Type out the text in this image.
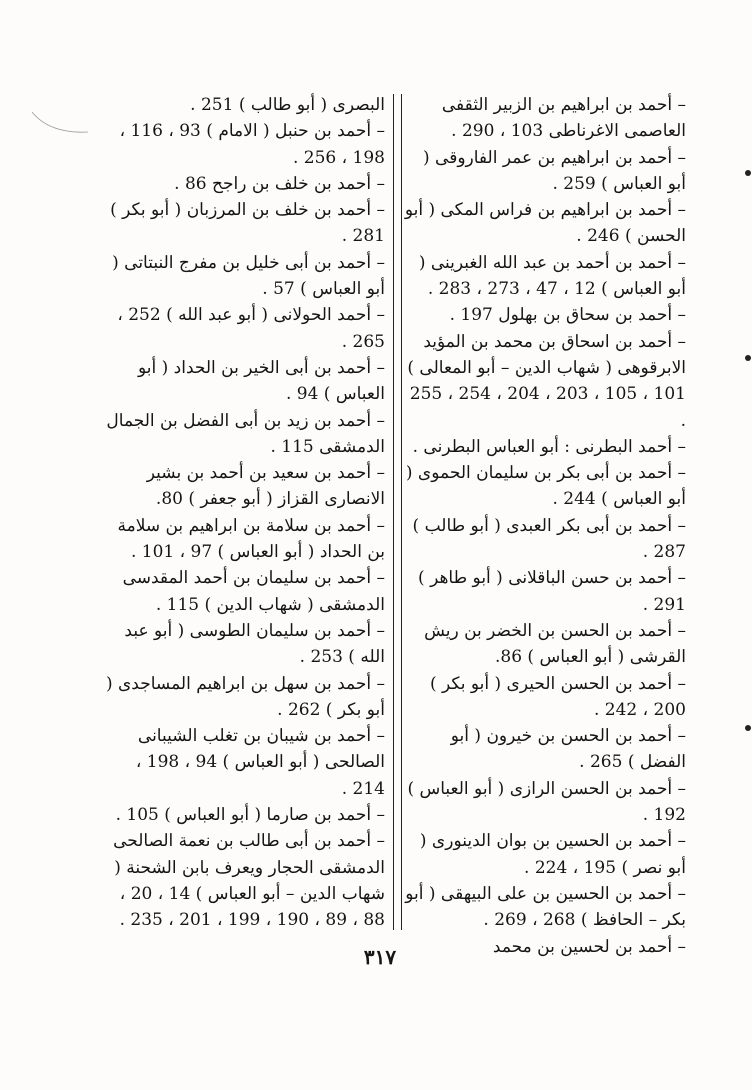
– أحمد بن ابراهيم بن الزبير الثقفى العاصمى الاغرناطى 103 ، 290 .

– أحمد بن ابراهيم بن عمر الفاروقى ( أبو العباس ) 259 .

– أحمد بن ابراهيم بن فراس المكى ( أبو الحسن ) 246 .

– أحمد بن أحمد بن عبد الله الغبرينى ( أبو العباس ) 12 ، 47 ، 273 ، 283 .

– أحمد بن سحاق بن بهلول 197 .

– أحمد بن اسحاق بن محمد بن المؤيد الابرقوهى ( شهاب الدين – أبو المعالى ) 101 ، 105 ، 203 ، 204 ، 254 ، 255 .

– أحمد البطرنى : أبو العباس البطرنى .

– أحمد بن أبى بكر بن سليمان الحموى ( أبو العباس ) 244 .

– أحمد بن أبى بكر العبدى ( أبو طالب ) 287 .

– أحمد بن حسن الباقلانى ( أبو طاهر ) 291 .

– أحمد بن الحسن بن الخضر بن ريش القرشى ( أبو العباس ) 86.

– أحمد بن الحسن الحيرى ( أبو بكر ) 200 ، 242 .

– أحمد بن الحسن بن خيرون ( أبو الفضل ) 265 .

– أحمد بن الحسن الرازى ( أبو العباس ) 192 .

– أحمد بن الحسين بن بوان الدينورى ( أبو نصر ) 195 ، 224 .

– أحمد بن الحسين بن على البيهقى ( أبو بكر – الحافظ ) 268 ، 269 .

– أحمد بن لحسين بن محمد

البصرى ( أبو طالب ) 251 .

– أحمد بن حنبل ( الامام ) 93 ، 116 ، 198 ، 256 .

– أحمد بن خلف بن راجح 86 .

– أحمد بن خلف بن المرزبان ( أبو بكر ) 281 .

– أحمد بن أبى خليل بن مفرج النبتاتى ( أبو العباس ) 57 .

– أحمد الحولانى ( أبو عبد الله ) 252 ، 265 .

– أحمد بن أبى الخير بن الحداد ( أبو العباس ) 94 .

– أحمد بن زيد بن أبى الفضل بن الجمال الدمشقى 115 .

– أحمد بن سعيد بن أحمد بن بشير الانصارى القزاز ( أبو جعفر ) 80.

– أحمد بن سلامة بن ابراهيم بن سلامة بن الحداد ( أبو العباس ) 97 ، 101 .

– أحمد بن سليمان بن أحمد المقدسى الدمشقى ( شهاب الدين ) 115 .

– أحمد بن سليمان الطوسى ( أبو عبد الله ) 253 .

– أحمد بن سهل بن ابراهيم المساجدى ( أبو بكر ) 262 .

– أحمد بن شيبان بن تغلب الشيبانى الصالحى ( أبو العباس ) 94 ، 198 ، 214 .

– أحمد بن صارما ( أبو العباس ) 105 .

– أحمد بن أبى طالب بن نعمة الصالحى الدمشقى الحجار ويعرف بابن الشحنة ( شهاب الدين – أبو العباس ) 14 ، 20 ، 88 ، 89 ، 190 ، 199 ، 201 ، 235 .

٣١٧
